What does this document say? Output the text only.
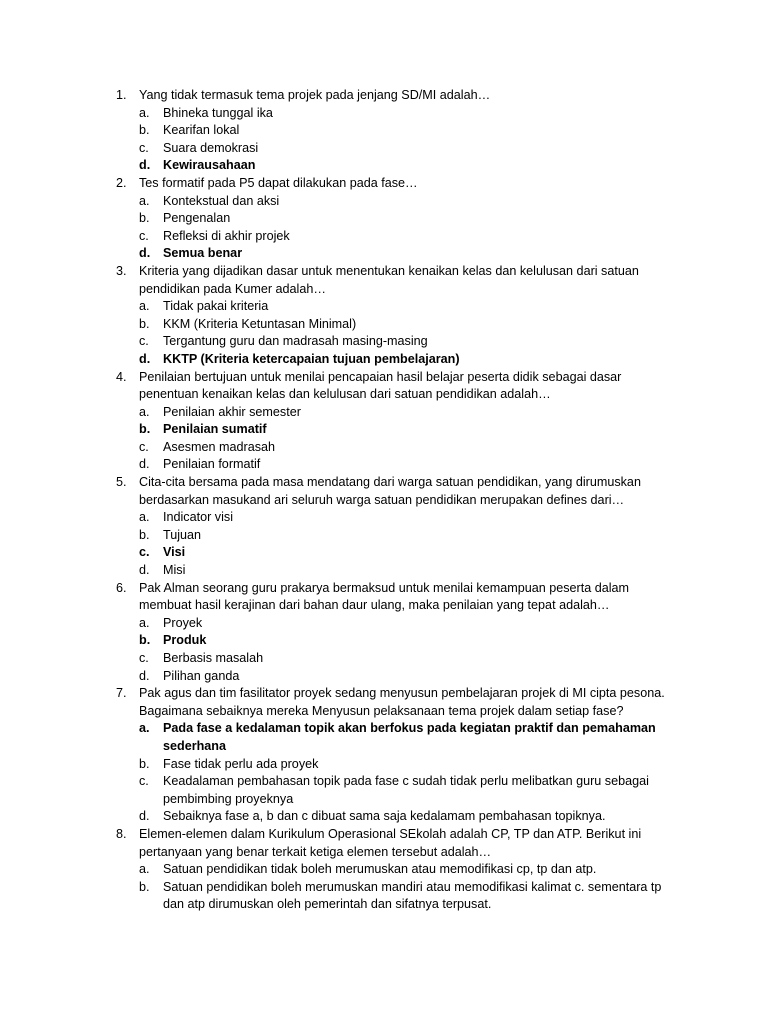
1. Yang tidak termasuk tema projek pada jenjang SD/MI adalah…
a. Bhineka tunggal ika
b. Kearifan lokal
c. Suara demokrasi
d. Kewirausahaan
2. Tes formatif pada P5 dapat dilakukan pada fase…
a. Kontekstual dan aksi
b. Pengenalan
c. Refleksi di akhir projek
d. Semua benar
3. Kriteria yang dijadikan dasar untuk menentukan kenaikan kelas dan kelulusan dari satuan pendidikan pada Kumer adalah…
a. Tidak pakai kriteria
b. KKM (Kriteria Ketuntasan Minimal)
c. Tergantung guru dan madrasah masing-masing
d. KKTP (Kriteria ketercapaian tujuan pembelajaran)
4. Penilaian bertujuan untuk menilai pencapaian hasil belajar peserta didik sebagai dasar penentuan kenaikan kelas dan kelulusan dari satuan pendidikan adalah…
a. Penilaian akhir semester
b. Penilaian sumatif
c. Asesmen madrasah
d. Penilaian formatif
5. Cita-cita bersama pada masa mendatang dari warga satuan pendidikan, yang dirumuskan berdasarkan masukand ari seluruh warga satuan pendidikan merupakan defines dari…
a. Indicator visi
b. Tujuan
c. Visi
d. Misi
6. Pak Alman seorang guru prakarya bermaksud untuk menilai kemampuan peserta dalam membuat hasil kerajinan dari bahan daur ulang, maka penilaian yang tepat adalah…
a. Proyek
b. Produk
c. Berbasis masalah
d. Pilihan ganda
7. Pak agus dan tim fasilitator proyek sedang menyusun pembelajaran projek di MI cipta pesona. Bagaimana sebaiknya mereka Menyusun pelaksanaan tema projek dalam setiap fase?
a. Pada fase a kedalaman topik akan berfokus pada kegiatan praktif dan pemahaman sederhana
b. Fase tidak perlu ada proyek
c. Keadalaman pembahasan topik pada fase c sudah tidak perlu melibatkan guru sebagai pembimbing proyeknya
d. Sebaiknya fase a, b dan c dibuat sama saja kedalamam pembahasan topiknya.
8. Elemen-elemen dalam Kurikulum Operasional SEkolah adalah CP, TP dan ATP. Berikut ini pertanyaan yang benar terkait ketiga elemen tersebut adalah…
a. Satuan pendidikan tidak boleh merumuskan atau memodifikasi cp, tp dan atp.
b. Satuan pendidikan boleh merumuskan mandiri atau memodifikasi kalimat c. sementara tp dan atp dirumuskan oleh pemerintah dan sifatnya terpusat.
